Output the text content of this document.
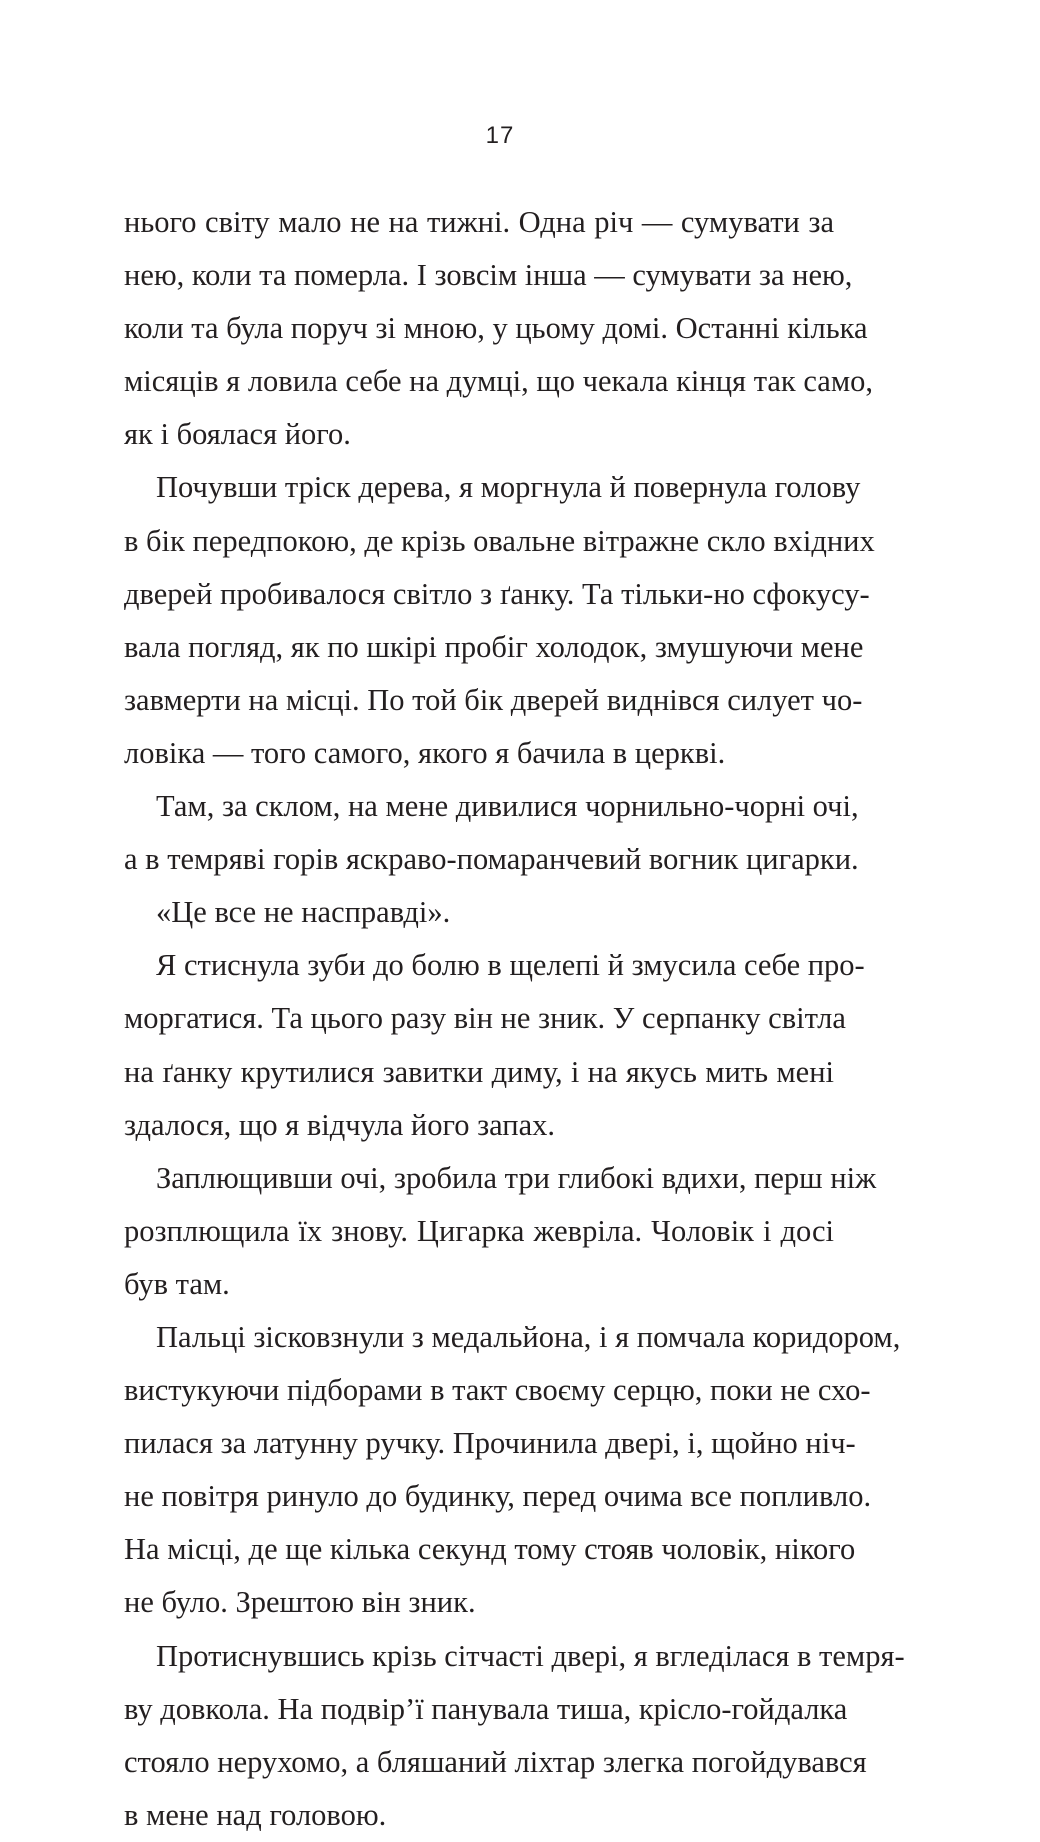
17
нього світу мало не на тижні. Одна річ — сумувати за
нею, коли та померла. І зовсім інша — сумувати за нею,
коли та була поруч зі мною, у цьому домі. Останні кілька
місяців я ловила себе на думці, що чекала кінця так само,
як і боялася його.
Почувши тріск дерева, я моргнула й повернула голову
в бік передпокою, де крізь овальне вітражне скло вхідних
дверей пробивалося світло з ґанку. Та тільки-но сфокусу-
вала погляд, як по шкірі пробіг холодок, змушуючи мене
завмерти на місці. По той бік дверей виднівся силует чо-
ловіка — того самого, якого я бачила в церкві.
Там, за склом, на мене дивилися чорнильно-чорні очі,
а в темряві горів яскраво-помаранчевий вогник цигарки.
«Це все не насправді».
Я стиснула зуби до болю в щелепі й змусила себе про-
моргатися. Та цього разу він не зник. У серпанку світла
на ґанку крутилися завитки диму, і на якусь мить мені
здалося, що я відчула його запах.
Заплющивши очі, зробила три глибокі вдихи, перш ніж
розплющила їх знову. Цигарка жевріла. Чоловік і досі
був там.
Пальці зісковзнули з медальйона, і я помчала коридором,
вистукуючи підборами в такт своєму серцю, поки не схо-
пилася за латунну ручку. Прочинила двері, і, щойно ніч-
не повітря ринуло до будинку, перед очима все попливло.
На місці, де ще кілька секунд тому стояв чоловік, нікого
не було. Зрештою він зник.
Протиснувшись крізь сітчасті двері, я вгледілася в темря-
ву довкола. На подвір’ї панувала тиша, крісло-гойдалка
стояло нерухомо, а бляшаний ліхтар злегка погойдувався
в мене над головою.
